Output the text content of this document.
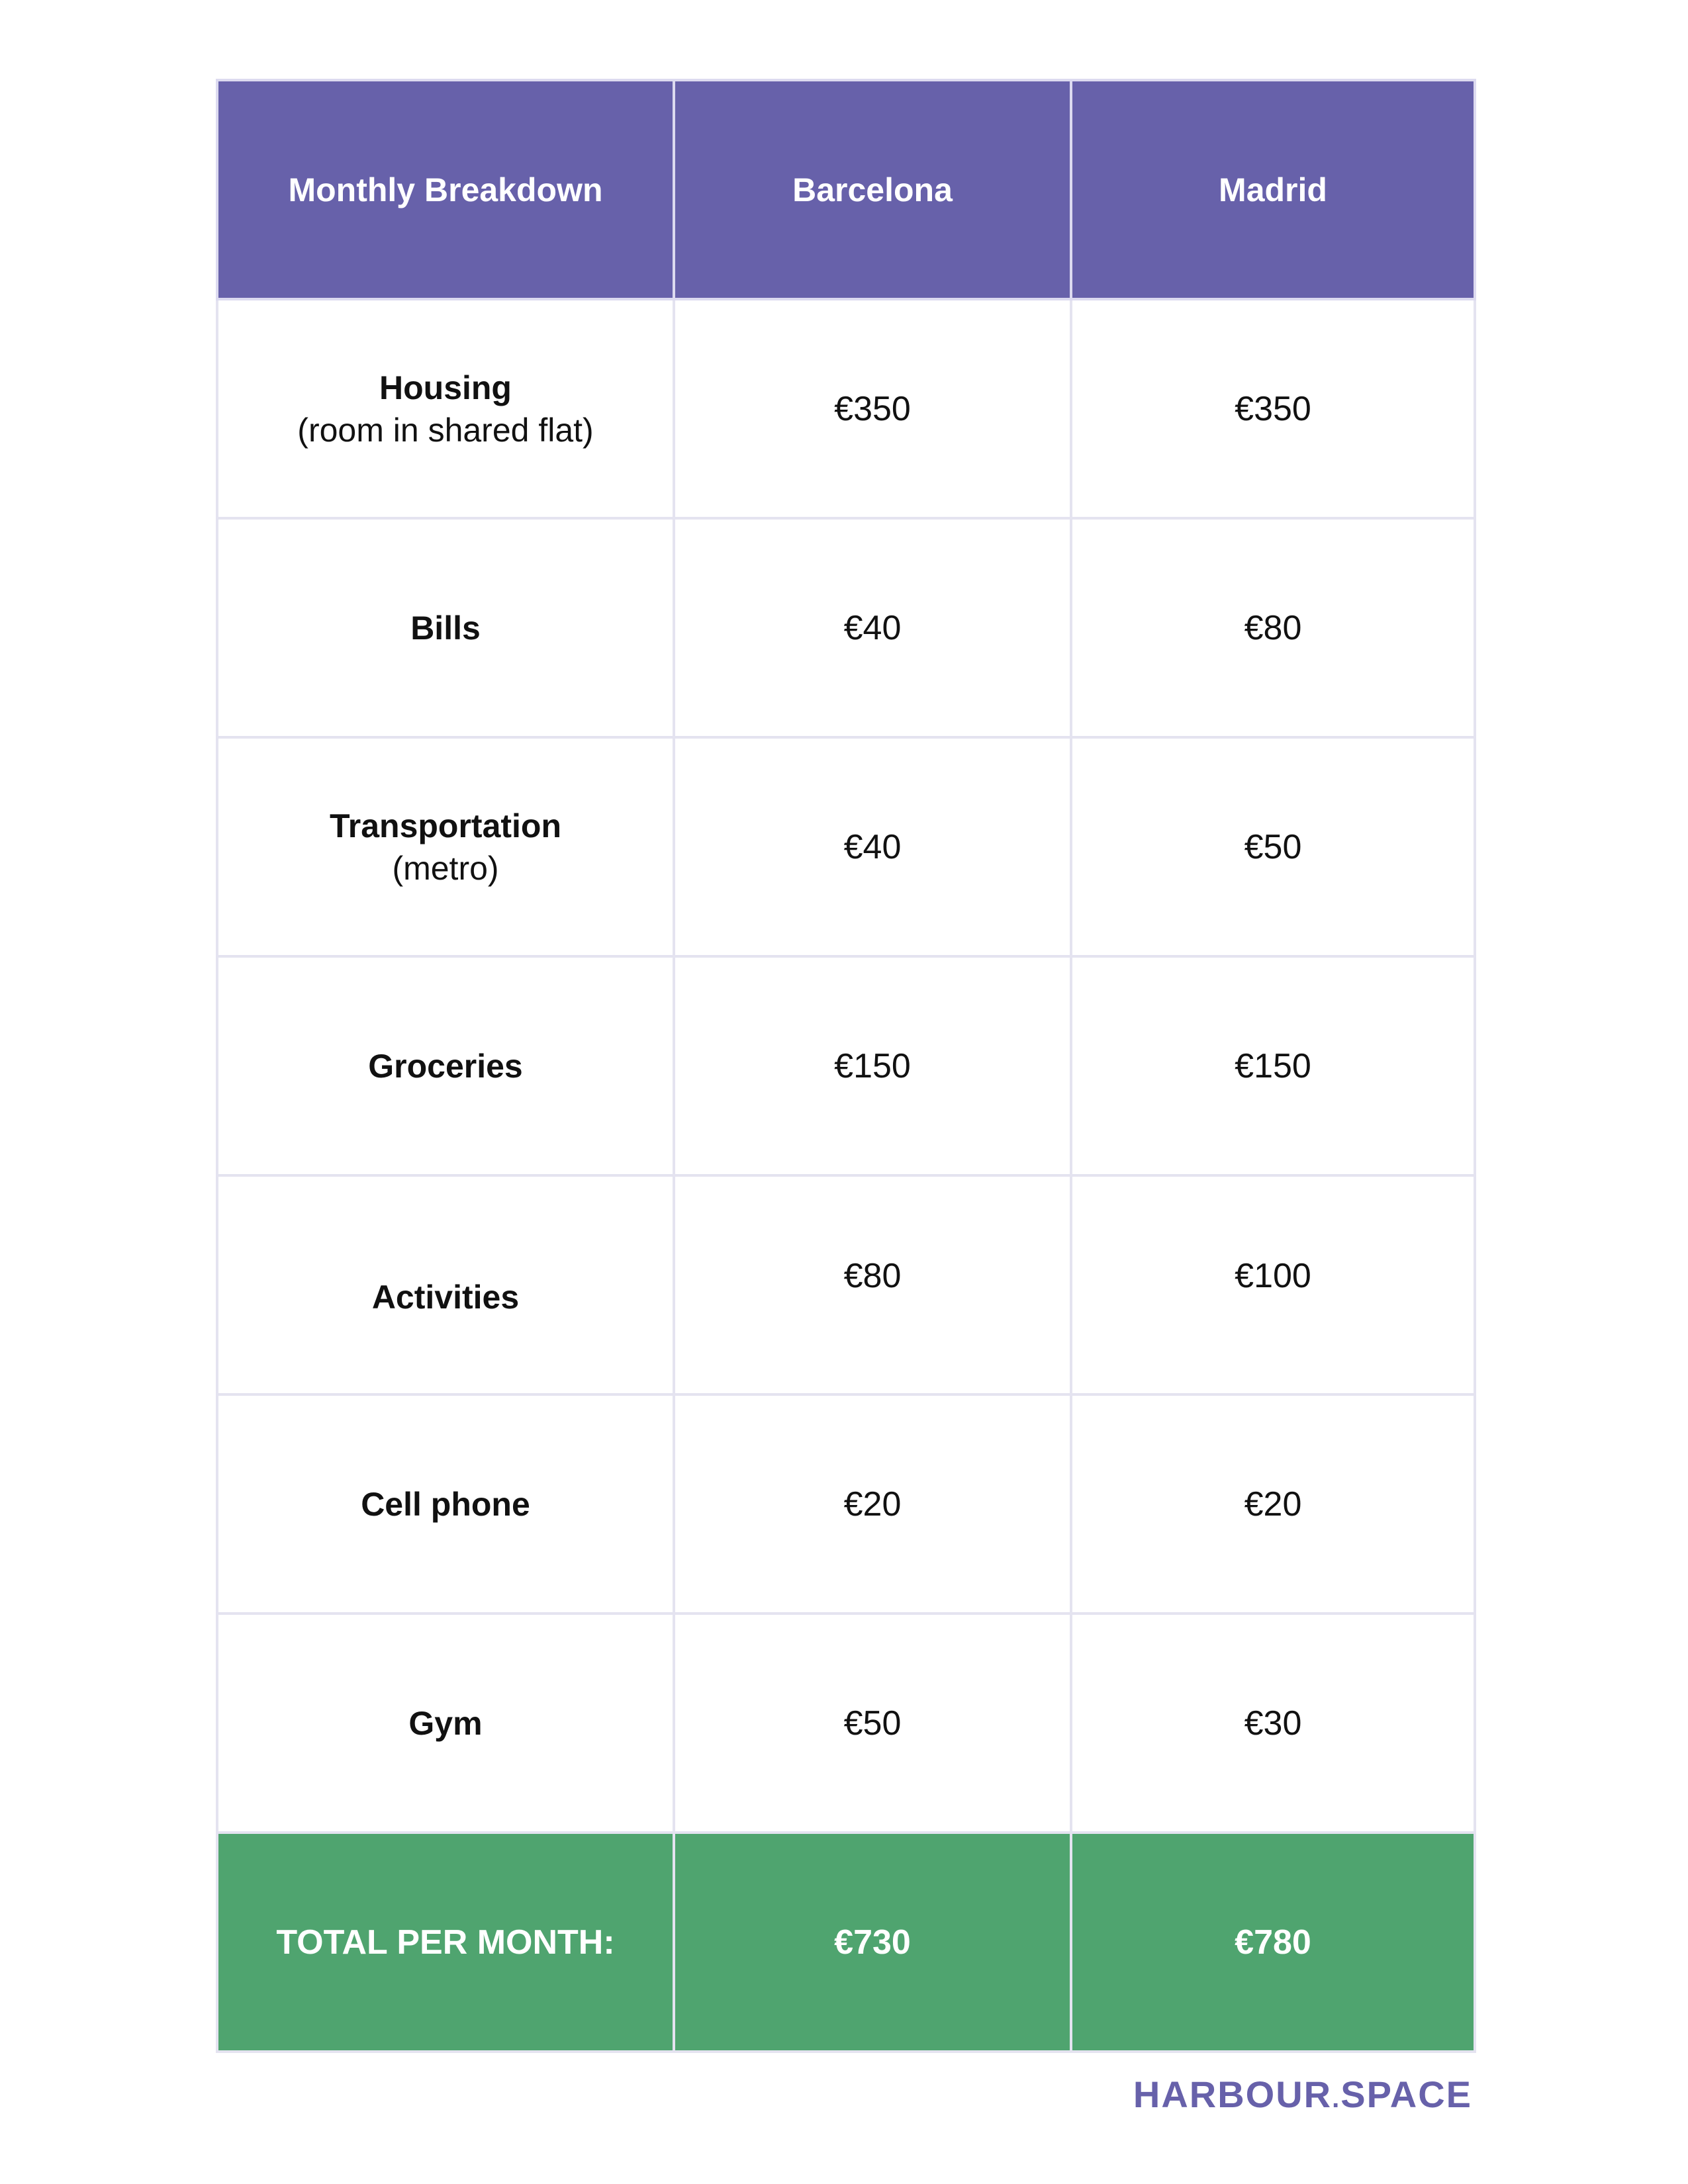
Monthly Breakdown	Barcelona	Madrid

Housing
(room in shared flat)	€350	€350

Bills	€40	€80

Transportation
(metro)	€40	€50

Groceries	€150	€150

Activities	€80	€100

Cell phone	€20	€20

Gym	€50	€30
TOTAL PER MONTH:	€730	€780
HARBOUR.SPACE
